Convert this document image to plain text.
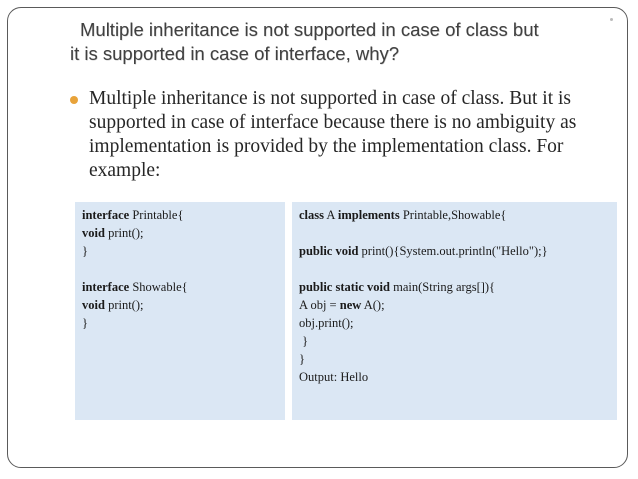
Multiple inheritance is not supported in case of class but
it is supported in case of interface, why?
Multiple inheritance is not supported in case of class. But it is supported in case of interface because there is no ambiguity as implementation is provided by the implementation class. For example:
interface Printable{
void print();
}
interface Showable{
void print();
}
class A implements Printable,Showable{
public void print(){System.out.println("Hello");}
public static void main(String args[]){
A obj = new A();
obj.print();
}
}
Output: Hello
